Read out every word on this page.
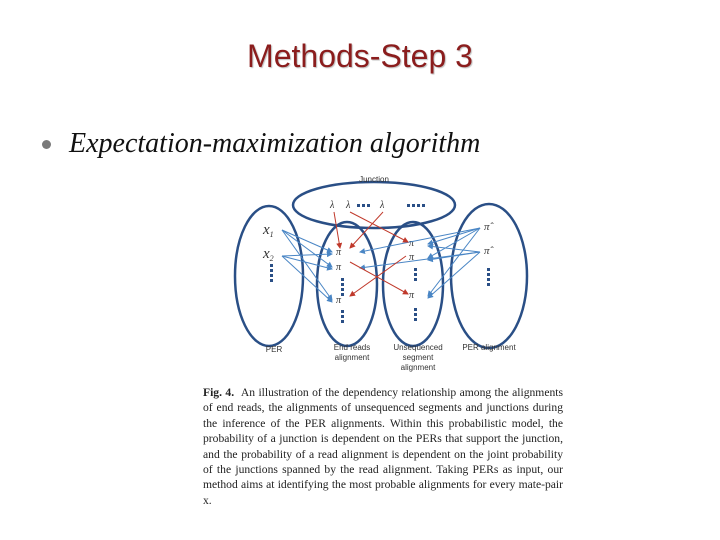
Methods-Step 3
Expectation-maximization algorithm
Junction
PER	End reads
alignment
Unsequenced
segment
alignment
PER alignment
λ λ	λ
$x_1$
$x_2$
π
π
π
π
π
π
π̂
π̂
Fig. 4. An illustration of the dependency relationship among the alignments of end reads, the alignments of unsequenced segments and junctions during the inference of the PER alignments. Within this probabilistic model, the probability of a junction is dependent on the PERs that support the junction, and the probability of a read alignment is dependent on the joint probability of the junctions spanned by the read alignment. Taking PERs as input, our method aims at identifying the most probable alignments for every mate-pair x.
